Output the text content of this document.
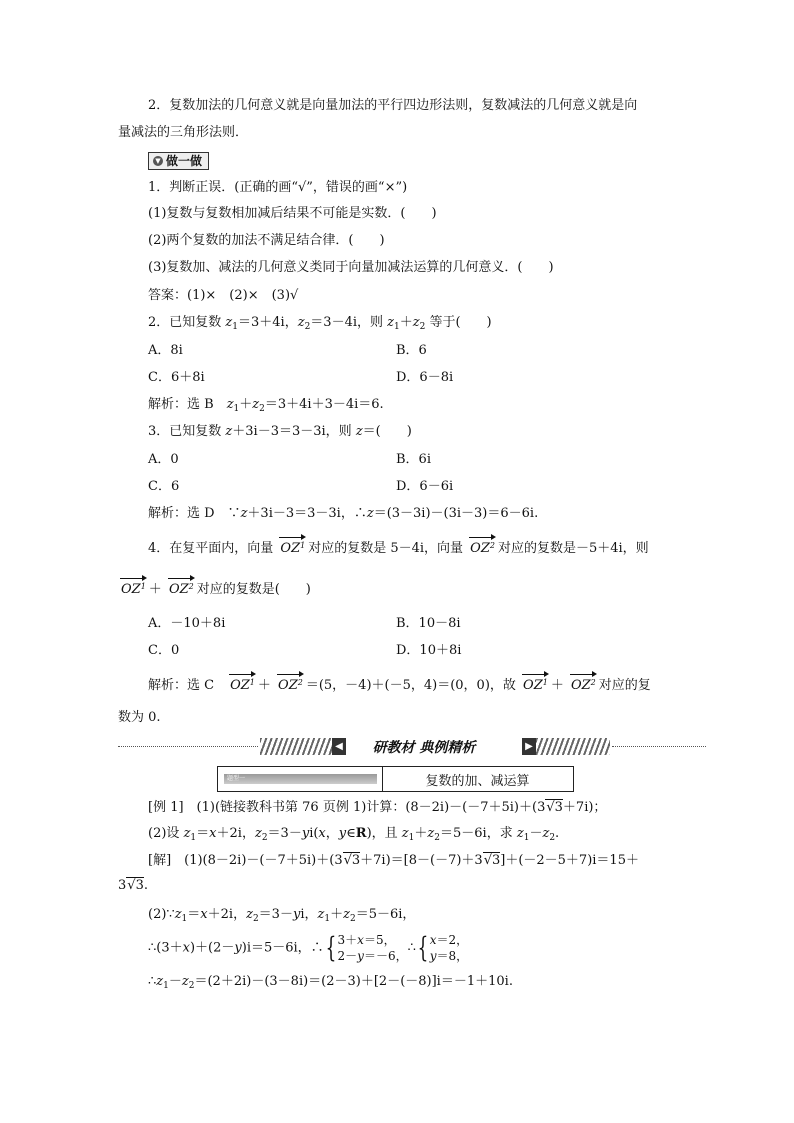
2．复数加法的几何意义就是向量加法的平行四边形法则，复数减法的几何意义就是向
量减法的三角形法则．
▼ 做一做
1．判断正误．(正确的画“√”，错误的画“×”)
(1)复数与复数相加减后结果不可能是实数．(　　)
(2)两个复数的加法不满足结合律．(　　)
(3)复数加、减法的几何意义类同于向量加减法运算的几何意义．(　　)
答案：(1)×　(2)×　(3)√
2．已知复数 $z_1=3+4i$，$z_2=3-4i$，则 $z_1+z_2$ 等于(　　)
A．8i	B．6
C．6＋8i	D．6－8i
解析：选 B　$z_1+z_2=3+4i+3-4i=6$.
3．已知复数 z＋3i－3＝3－3i，则 z＝(　　)
A．0	B．6i
C．6	D．6－6i
解析：选 D　∵z＋3i－3＝3－3i，∴z＝(3－3i)－(3i－3)＝6－6i.
4．在复平面内，向量 $OZ^1$ 对应的复数是 5－4i，向量 $OZ^2$ 对应的复数是－5＋4i，则
$OZ^1 + OZ^2$ 对应的复数是(　　)
A．－10＋8i	B．10－8i
C．0	D．10＋8i
解析：选 C　$OZ^1 + OZ^2 =(5$，－4)＋(－5，4)＝(0，0)，故 $OZ^1 + OZ^2$ 对应的复
数为 0.
◀	研教材 典例精析	▶
题型一	复数的加、减运算
[例 1]　(1)(链接教科书第 76 页例 1)计算：(8－2i)－(－7＋5i)＋(3√3＋7i)；
(2)设 $z_1=x+2i$，$z_2=3-yi(x$，y∈R)，且 $z_1+z_2=5-6i$，求 $z_1-z_2$.
[解]　(1)(8－2i)－(－7＋5i)＋(3√3＋7i)＝[8－(－7)＋3√3]＋(－2－5＋7)i＝15＋
3√3.
$(2)\because z_1=x+2i$，$z_2=3-yi$，$z_1+z_2=5-6i$，
∴(3＋x)＋(2－y)i＝5－6i，∴{ 3＋x＝5，
2－y＝－6，∴{ x＝2，
y＝8，
$\therefore z_1-z_2=(2+2i)-(3-8i)=(2-3)+[2-(-8)]i=-1+10i$.
